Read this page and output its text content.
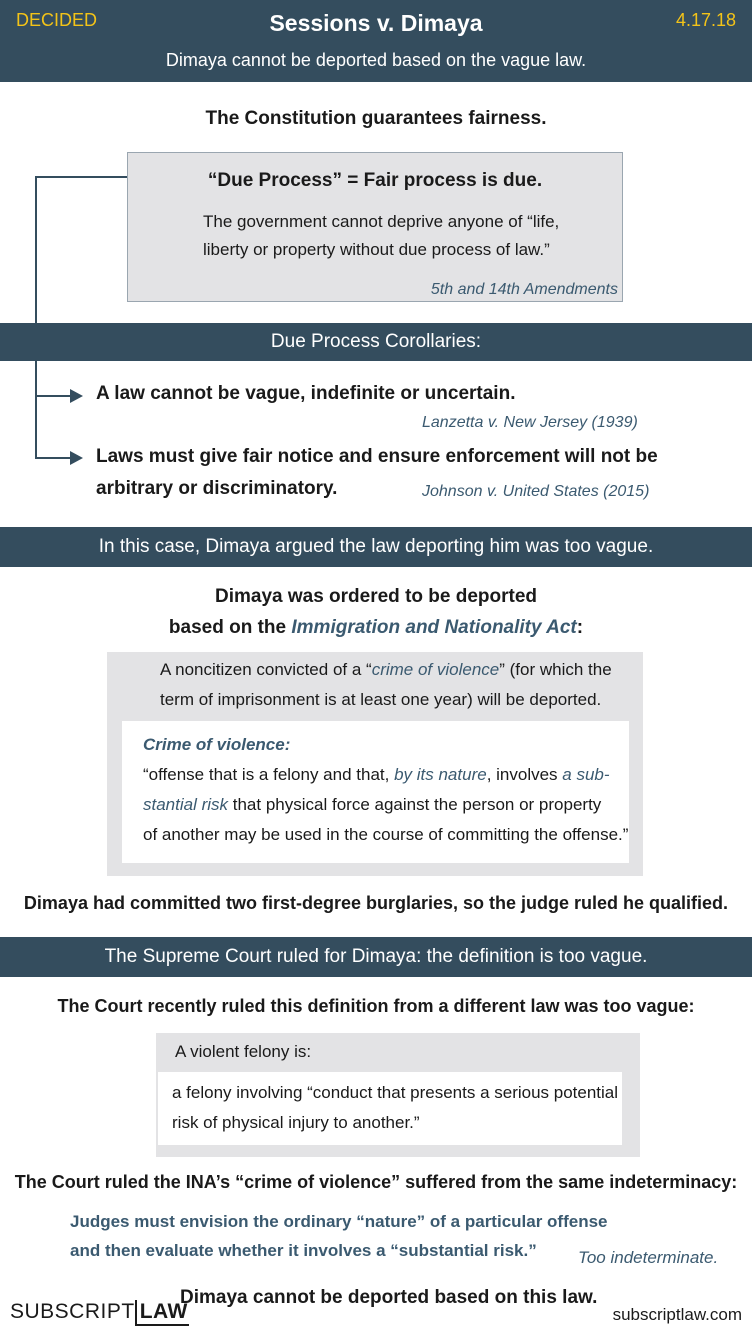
DECIDED	Sessions v. Dimaya	4.17.18
Dimaya cannot be deported based on the vague law.
The Constitution guarantees fairness.
“Due Process” = Fair process is due.
The government cannot deprive anyone of “life,
liberty or property without due process of law.”
5th and 14th Amendments
Due Process Corollaries:
A law cannot be vague, indefinite or uncertain.
Lanzetta v. New Jersey (1939)
Laws must give fair notice and ensure enforcement will not be
arbitrary or discriminatory.	Johnson v. United States (2015)
In this case, Dimaya argued the law deporting him was too vague.
Dimaya was ordered to be deported
based on the Immigration and Nationality Act:
A noncitizen convicted of a “crime of violence” (for which the
term of imprisonment is at least one year) will be deported.
Crime of violence:
“offense that is a felony and that, by its nature, involves a sub-
stantial risk that physical force against the person or property
of another may be used in the course of committing the offense.”
Dimaya had committed two first-degree burglaries, so the judge ruled he qualified.
The Supreme Court ruled for Dimaya: the definition is too vague.
The Court recently ruled this definition from a different law was too vague:
A violent felony is:
a felony involving “conduct that presents a serious potential
risk of physical injury to another.”
The Court ruled the INA’s “crime of violence” suffered from the same indeterminacy:
Judges must envision the ordinary “nature” of a particular offense
and then evaluate whether it involves a “substantial risk.” Too indeterminate.
SUBSCRIPT LAW
Dimaya cannot be deported based on this law.
subscriptlaw.com
